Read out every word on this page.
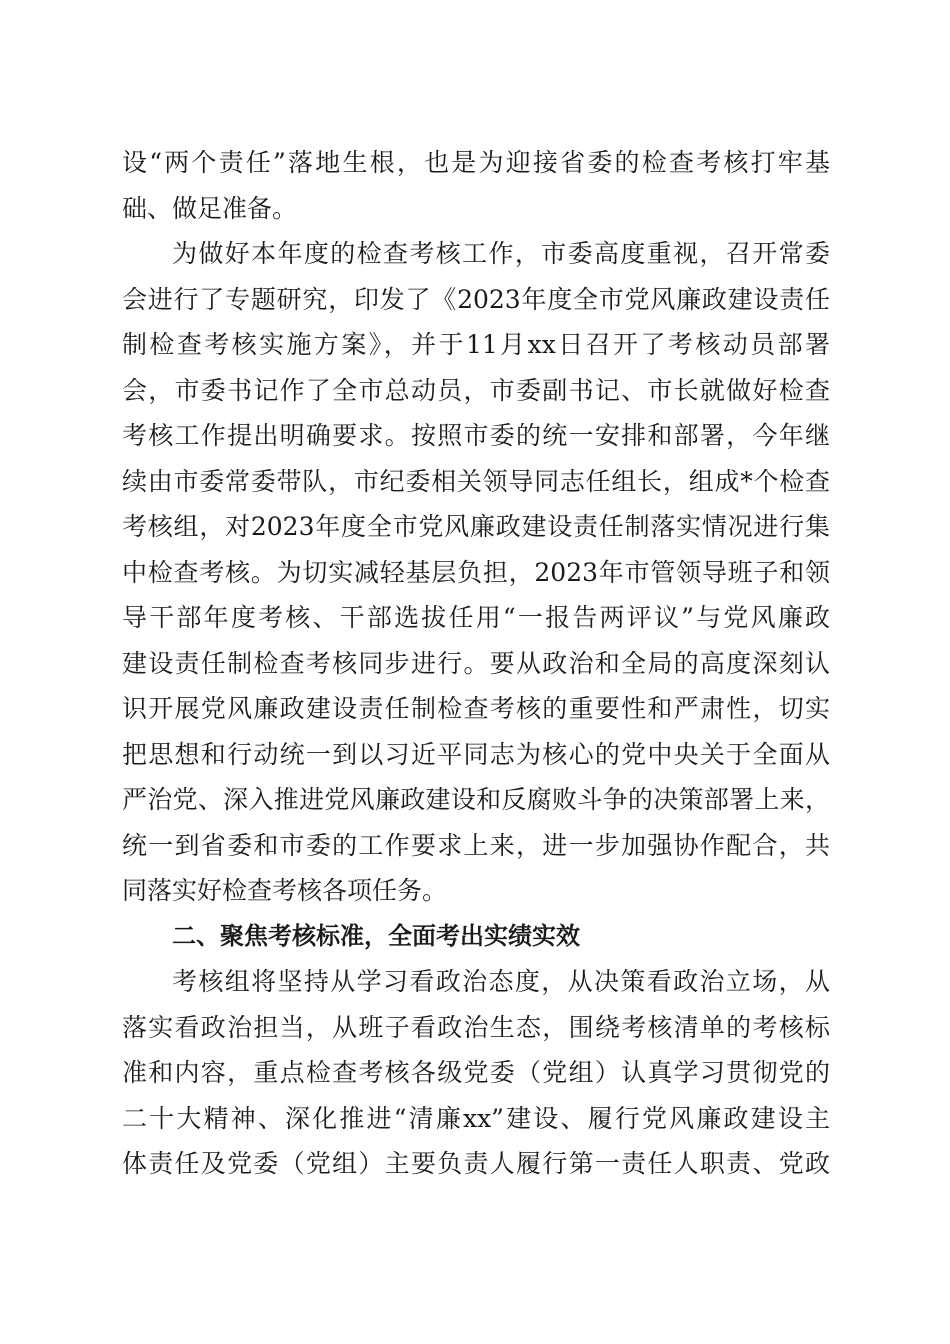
设“两个责任”落地生根，也是为迎接省委的检查考核打牢基
础、做足准备。
为做好本年度的检查考核工作，市委高度重视，召开常委
会进行了专题研究，印发了《2023年度全市党风廉政建设责任
制检查考核实施方案》，并于11月xx日召开了考核动员部署
会，市委书记作了全市总动员，市委副书记、市长就做好检查
考核工作提出明确要求。按照市委的统一安排和部署，今年继
续由市委常委带队，市纪委相关领导同志任组长，组成*个检查
考核组，对2023年度全市党风廉政建设责任制落实情况进行集
中检查考核。为切实减轻基层负担，2023年市管领导班子和领
导干部年度考核、干部选拔任用“一报告两评议”与党风廉政
建设责任制检查考核同步进行。要从政治和全局的高度深刻认
识开展党风廉政建设责任制检查考核的重要性和严肃性，切实
把思想和行动统一到以习近平同志为核心的党中央关于全面从
严治党、深入推进党风廉政建设和反腐败斗争的决策部署上来，
统一到省委和市委的工作要求上来，进一步加强协作配合，共
同落实好检查考核各项任务。
二、聚焦考核标准，全面考出实绩实效
考核组将坚持从学习看政治态度，从决策看政治立场，从
落实看政治担当，从班子看政治生态，围绕考核清单的考核标
准和内容，重点检查考核各级党委（党组）认真学习贯彻党的
二十大精神、深化推进“清廉xx”建设、履行党风廉政建设主
体责任及党委（党组）主要负责人履行第一责任人职责、党政
